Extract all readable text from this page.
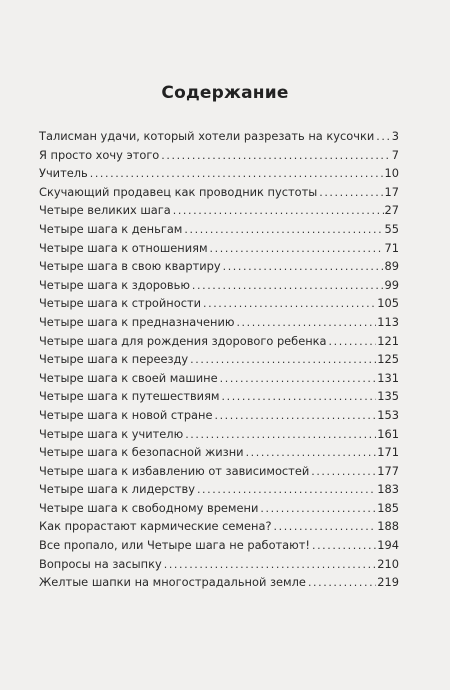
Содержание
Талисман удачи, который хотели разрезать на кусочки ..... 3
Я просто хочу этого .....	7
Учитель .....	10
Скучающий продавец как проводник пустоты .....	17
Четыре великих шага .....	27
Четыре шага к деньгам .....	55
Четыре шага к отношениям .....	71
Четыре шага в свою квартиру .....	89
Четыре шага к здоровью .....	99
Четыре шага к стройности .....	105
Четыре шага к предназначению .....	113
Четыре шага для рождения здорового ребенка .....	121
Четыре шага к переезду .....	125
Четыре шага к своей машине .....	131
Четыре шага к путешествиям .....	135
Четыре шага к новой стране .....	153
Четыре шага к учителю .....	161
Четыре шага к безопасной жизни .....	171
Четыре шага к избавлению от зависимостей .....	177
Четыре шага к лидерству .....	183
Четыре шага к свободному времени .....	185
Как прорастают кармические семена? .....	188
Все пропало, или Четыре шага не работают! .....	194
Вопросы на засыпку .....	210
Желтые шапки на многострадальной земле .....	219
